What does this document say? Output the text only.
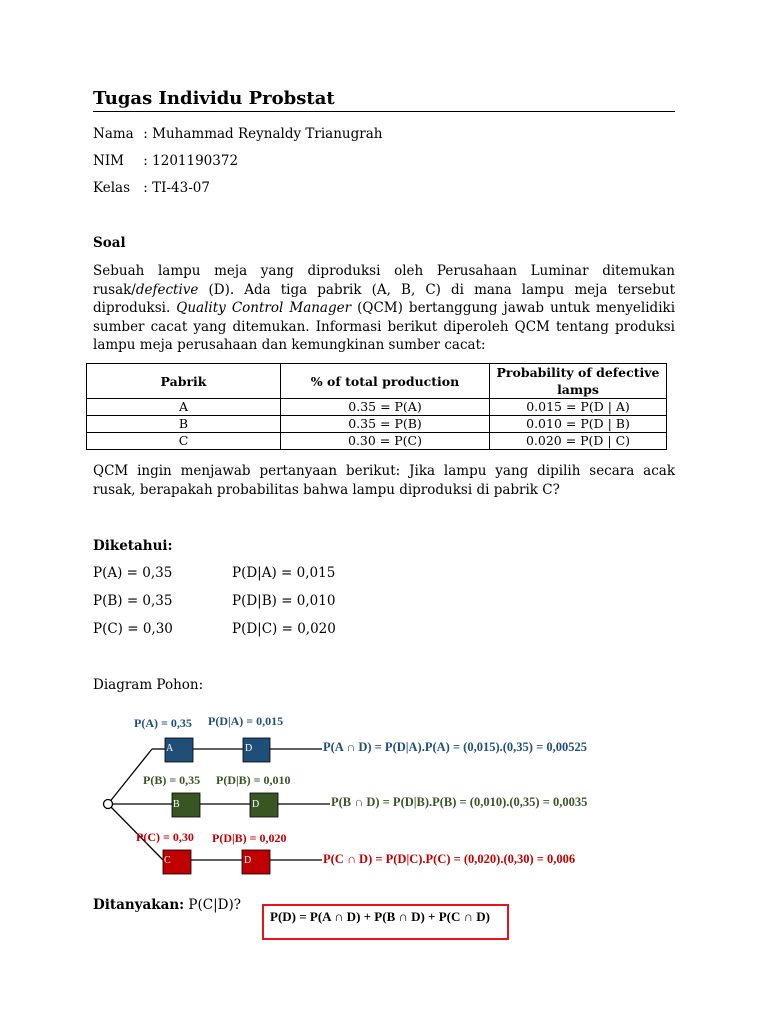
Tugas Individu Probstat
Nama : Muhammad Reynaldy Trianugrah
NIM : 1201190372
Kelas : TI-43-07
Soal

Sebuah lampu meja yang diproduksi oleh Perusahaan Luminar ditemukan rusak/defective (D). Ada tiga pabrik (A, B, C) di mana lampu meja tersebut diproduksi. Quality Control Manager (QCM) bertanggung jawab untuk menyelidiki sumber cacat yang ditemukan. Informasi berikut diperoleh QCM tentang produksi lampu meja perusahaan dan kemungkinan sumber cacat:

Pabrik	% of total production	Probability of defective lamps
A	0.35 = P(A)	0.015 = P(D | A)
B	0.35 = P(B)	0.010 = P(D | B)
C	0.30 = P(C)	0.020 = P(D | C)

QCM ingin menjawab pertanyaan berikut: Jika lampu yang dipilih secara acak rusak, berapakah probabilitas bahwa lampu diproduksi di pabrik C?

Diketahui:
P(A) = 0,35
P(B) = 0,35
P(C) = 0,30
P(D|A) = 0,015
P(D|B) = 0,010
P(D|C) = 0,020
Diagram Pohon:
A	D
P(A) = 0,35 P(D|A) = 0,015
P(A ∩ D) = P(D|A).P(A) = (0,015).(0,35) = 0,00525
B	D
P(B) = 0,35 P(D|B) = 0,010
P(B ∩ D) = P(D|B).P(B) = (0,010).(0,35) = 0,0035
C	D
P(C) = 0,30 P(D|B) = 0,020
P(C ∩ D) = P(D|C).P(C) = (0,020).(0,30) = 0,006
Ditanyakan: P(C|D)?
P(D) = P(A ∩ D) + P(B ∩ D) + P(C ∩ D)
